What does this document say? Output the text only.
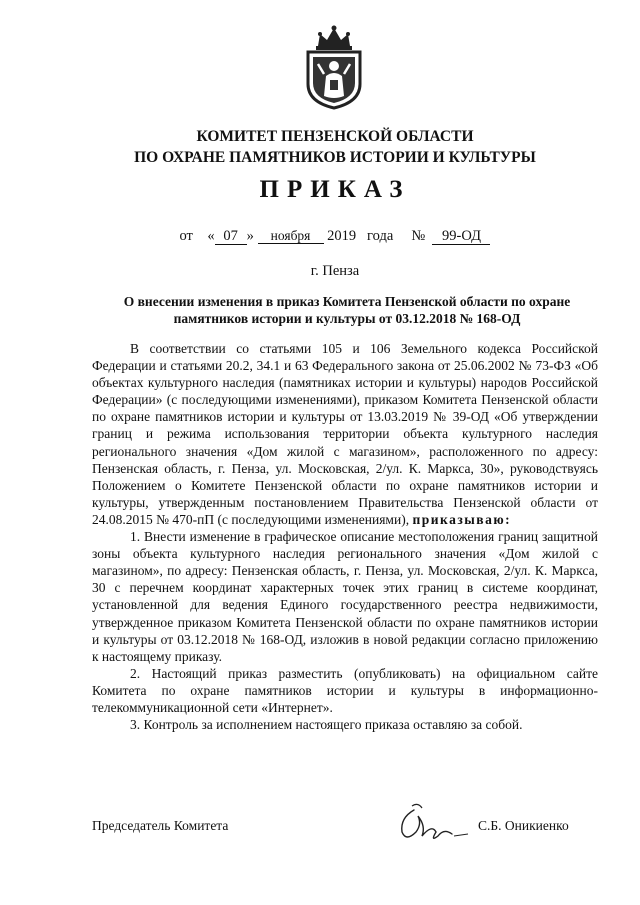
КОМИТЕТ ПЕНЗЕНСКОЙ ОБЛАСТИ
ПО ОХРАНЕ ПАМЯТНИКОВ ИСТОРИИ И КУЛЬТУРЫ
ПРИКАЗ
от « 07 » ноября 2019 года № 99-ОД
г. Пенза
О внесении изменения в приказ Комитета Пензенской области по охране памятников истории и культуры от 03.12.2018 № 168-ОД

В соответствии со статьями 105 и 106 Земельного кодекса Российской Федерации и статьями 20.2, 34.1 и 63 Федерального закона от 25.06.2002 № 73-ФЗ «Об объектах культурного наследия (памятниках истории и культуры) народов Российской Федерации» (с последующими изменениями), приказом Комитета Пензенской области по охране памятников истории и культуры от 13.03.2019 № 39-ОД «Об утверждении границ и режима использования территории объекта культурного наследия регионального значения «Дом жилой с магазином», расположенного по адресу: Пензенская область, г. Пенза, ул. Московская, 2/ул. К. Маркса, 30», руководствуясь Положением о Комитете Пензенской области по охране памятников истории и культуры, утвержденным постановлением Правительства Пензенской области от 24.08.2015 № 470-пП (с последующими изменениями), приказываю:

1. Внести изменение в графическое описание местоположения границ защитной зоны объекта культурного наследия регионального значения «Дом жилой с магазином», по адресу: Пензенская область, г. Пенза, ул. Московская, 2/ул. К. Маркса, 30 с перечнем координат характерных точек этих границ в системе координат, установленной для ведения Единого государственного реестра недвижимости, утвержденное приказом Комитета Пензенской области по охране памятников истории и культуры от 03.12.2018 № 168-ОД, изложив в новой редакции согласно приложению к настоящему приказу.

2. Настоящий приказ разместить (опубликовать) на официальном сайте Комитета по охране памятников истории и культуры в информационно-телекоммуникационной сети «Интернет».

3. Контроль за исполнением настоящего приказа оставляю за собой.

Председатель Комитета	С.Б. Оникиенко
